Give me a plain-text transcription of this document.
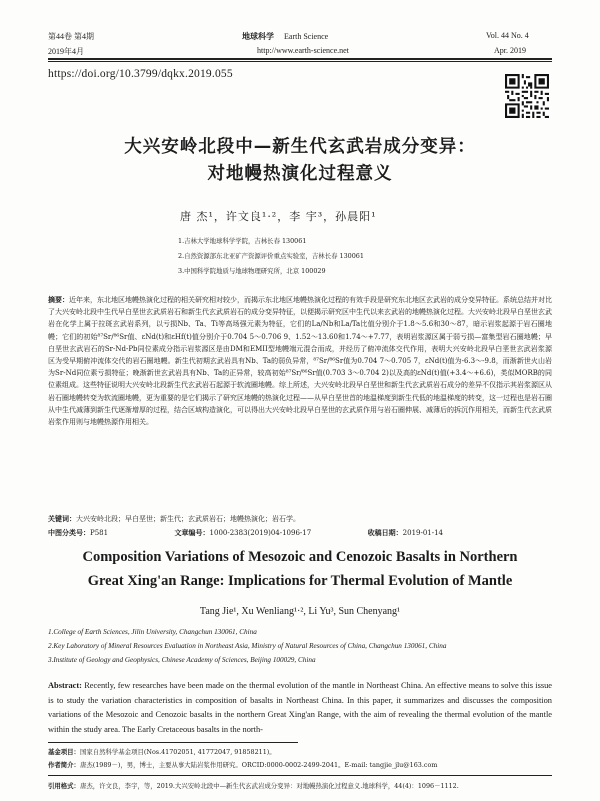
第44卷 第4期
2019年4月
地球科学 Earth Science
http://www.earth-science.net
Vol. 44 No. 4
Apr. 2019
https://doi.org/10.3799/dqkx.2019.055
大兴安岭北段中—新生代玄武岩成分变异：
对地幔热演化过程意义
唐 杰¹，许文良¹·²，李 宇³，孙晨阳¹
1.吉林大学地球科学学院，吉林长春 130061
2.自然资源部东北亚矿产资源评价重点实验室，吉林长春 130061
3.中国科学院地质与地球物理研究所，北京 100029
摘要：近年来，东北地区地幔热演化过程的相关研究相对较少，而揭示东北地区地幔热演化过程的有效手段是研究东北地区玄武岩的成分变异特征。系统总结并对比了大兴安岭北段中生代早白垩世玄武质岩石和新生代玄武质岩石的成分变异特征，以便揭示研究区中生代以来玄武岩的地幔热演化过程。大兴安岭北段早白垩世玄武岩在化学上属于拉斑玄武岩系列，以亏损Nb、Ta、Ti等高场强元素为特征，它们的La/Nb和La/Ta比值分别介于1.8～5.6和30～87，暗示岩浆起源于岩石圈地幔；它们的初始⁸⁷Sr/⁸⁶Sr值、εNd(t)和εHf(t)值分别介于0.704 5～0.706 9、1.52～13.60和1.74～+7.77，表明岩浆源区属于弱亏损—富集型岩石圈地幔；早白垩世玄武岩石的Sr-Nd-Pb同位素成分指示岩浆源区是由DM和EMII型地幔端元混合而成，并经历了俯冲流体交代作用，表明大兴安岭北段早白垩世玄武岩浆源区为受早期俯冲流体交代的岩石圈地幔。新生代初期玄武岩具有Nb、Ta的弱负异常，⁸⁷Sr/⁸⁶Sr值为0.704 7～0.705 7，εNd(t)值为-6.3～-9.8，而渐新世火山岩为Sr-Nd同位素亏损特征；晚渐新世玄武岩具有Nb、Ta的正异常，较高初始⁸⁷Sr/⁸⁶Sr值(0.703 3～0.704 2)以及高的εNd(t)值(+3.4～+6.6)，类似MORB的同位素组成。这些特征说明大兴安岭北段新生代玄武岩石起源于软流圈地幔。综上所述，大兴安岭北段早白垩世和新生代玄武质岩石成分的差异不仅指示其岩浆源区从岩石圈地幔转变为软流圈地幔，更为重要的是它们揭示了研究区地幔的热演化过程——从早白垩世首的地温梯度到新生代低的地温梯度的转变，这一过程也是岩石圈从中生代减薄到新生代逐渐增厚的过程，结合区域构造演化，可以得出大兴安岭北段早白垩世的玄武质作用与岩石圈伸展、减薄后的拆沉作用相关，而新生代玄武质岩浆作用则与地幔热源作用相关。
关键词：大兴安岭北段；早白垩世；新生代；玄武质岩石；地幔热演化；岩石学。
中图分类号：P581	文章编号：1000-2383(2019)04-1096-17	收稿日期：2019-01-14
Composition Variations of Mesozoic and Cenozoic Basalts in Northern
Great Xing'an Range: Implications for Thermal Evolution of Mantle
Tang Jie¹, Xu Wenliang¹·², Li Yu³, Sun Chenyang¹
1.College of Earth Sciences, Jilin University, Changchun 130061, China
2.Key Laboratory of Mineral Resources Evaluation in Northeast Asia, Ministry of Natural Resources of China, Changchun 130061, China
3.Institute of Geology and Geophysics, Chinese Academy of Sciences, Beijing 100029, China
Abstract: Recently, few researches have been made on the thermal evolution of the mantle in Northeast China. An effective means to solve this issue is to study the variation characteristics in composition of basalts in Northeast China. In this paper, it summarizes and discusses the composition variations of the Mesozoic and Cenozoic basalts in the northern Great Xing'an Range, with the aim of revealing the thermal evolution of the mantle within the study area. The Early Cretaceous basalts in the north-
基金项目：国家自然科学基金项目(Nos.41702051, 41772047, 91858211)。
作者简介：唐杰(1989－)，男，博士，主要从事大陆岩浆作用研究。ORCID:0000-0002-2499-2041。E-mail: tangjie_jlu@163.com
引用格式：唐杰，许文良，李宇，等，2019.大兴安岭北段中—新生代玄武岩成分变异：对地幔热演化过程意义.地球科学，44(4)：1096－1112.
